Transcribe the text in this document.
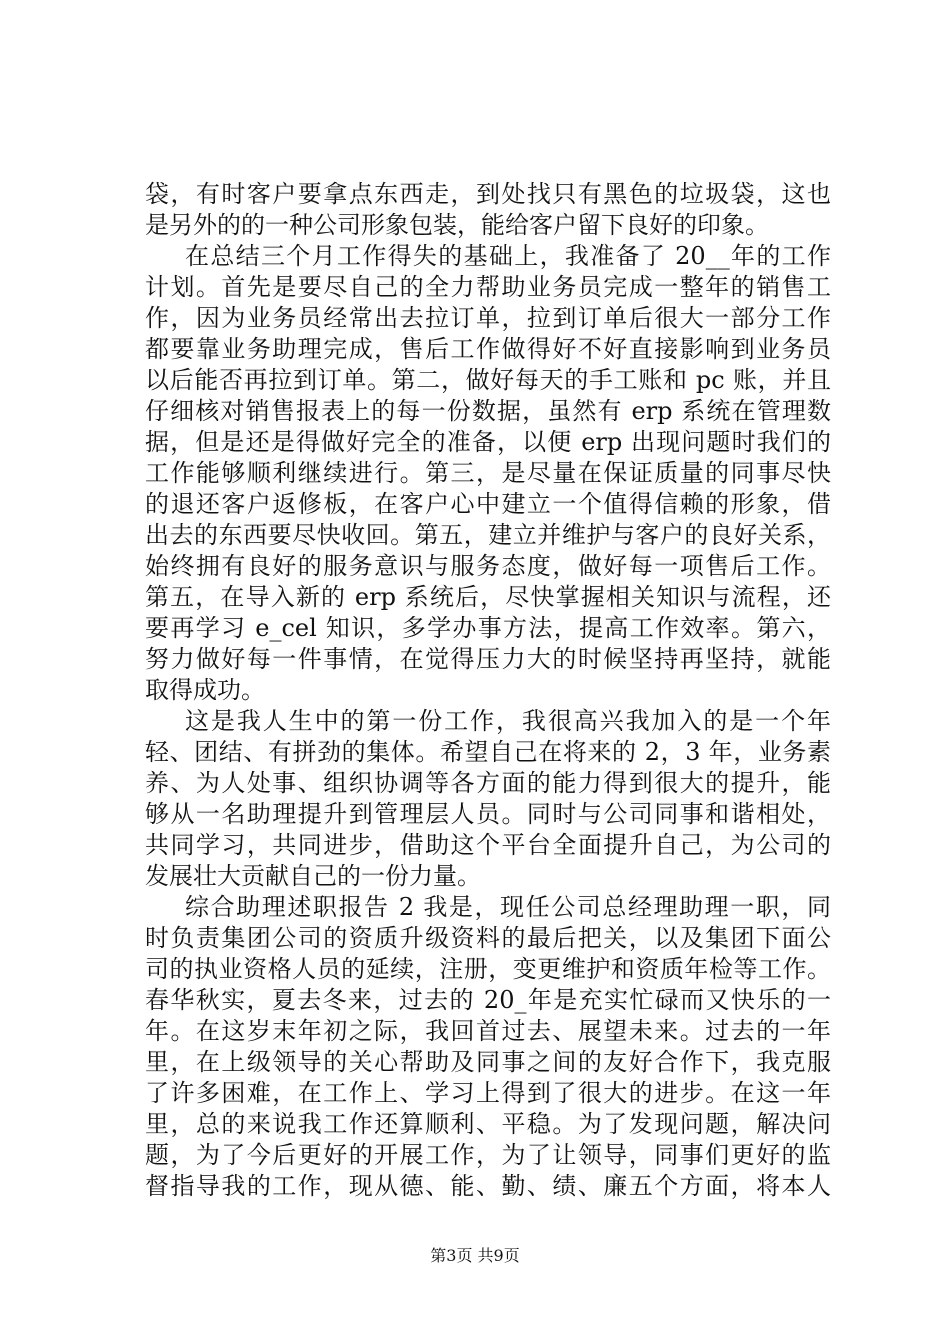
袋，有时客户要拿点东西走，到处找只有黑色的垃圾袋，这也
是另外的的一种公司形象包装，能给客户留下良好的印象。
在总结三个月工作得失的基础上，我准备了 20__年的工作
计划。首先是要尽自己的全力帮助业务员完成一整年的销售工
作，因为业务员经常出去拉订单，拉到订单后很大一部分工作
都要靠业务助理完成，售后工作做得好不好直接影响到业务员
以后能否再拉到订单。第二，做好每天的手工账和 pc 账，并且
仔细核对销售报表上的每一份数据，虽然有 erp 系统在管理数
据，但是还是得做好完全的准备，以便 erp 出现问题时我们的
工作能够顺利继续进行。第三，是尽量在保证质量的同事尽快
的退还客户返修板，在客户心中建立一个值得信赖的形象，借
出去的东西要尽快收回。第五，建立并维护与客户的良好关系，
始终拥有良好的服务意识与服务态度，做好每一项售后工作。
第五，在导入新的 erp 系统后，尽快掌握相关知识与流程，还
要再学习 e_cel 知识，多学办事方法，提高工作效率。第六，
努力做好每一件事情，在觉得压力大的时候坚持再坚持，就能
取得成功。
这是我人生中的第一份工作，我很高兴我加入的是一个年
轻、团结、有拼劲的集体。希望自己在将来的 2，3 年，业务素
养、为人处事、组织协调等各方面的能力得到很大的提升，能
够从一名助理提升到管理层人员。同时与公司同事和谐相处，
共同学习，共同进步，借助这个平台全面提升自己，为公司的
发展壮大贡献自己的一份力量。
综合助理述职报告 2 我是，现任公司总经理助理一职，同
时负责集团公司的资质升级资料的最后把关，以及集团下面公
司的执业资格人员的延续，注册，变更维护和资质年检等工作。
春华秋实，夏去冬来，过去的 20_年是充实忙碌而又快乐的一
年。在这岁末年初之际，我回首过去、展望未来。过去的一年
里，在上级领导的关心帮助及同事之间的友好合作下，我克服
了许多困难，在工作上、学习上得到了很大的进步。在这一年
里，总的来说我工作还算顺利、平稳。为了发现问题，解决问
题，为了今后更好的开展工作，为了让领导，同事们更好的监
督指导我的工作，现从德、能、勤、绩、廉五个方面，将本人
第3页 共9页
